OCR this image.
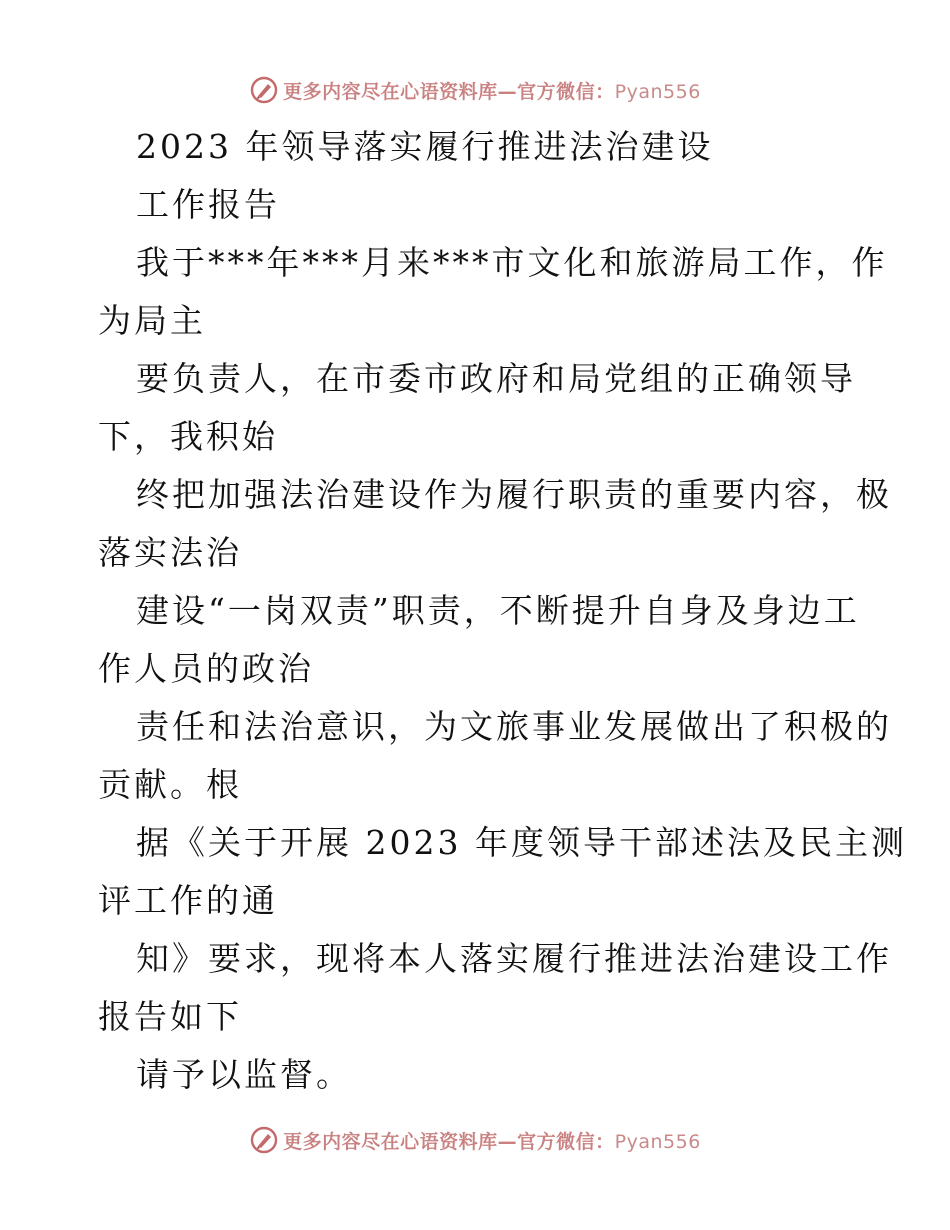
更多内容尽在心语资料库—官方微信：Pyan556
2023 年领导落实履行推进法治建设
工作报告
我于***年***月来***市文化和旅游局工作，作
为局主
要负责人，在市委市政府和局党组的正确领导
下，我积始
终把加强法治建设作为履行职责的重要内容，极
落实法治
建设“一岗双责”职责，不断提升自身及身边工
作人员的政治
责任和法治意识，为文旅事业发展做出了积极的
贡献。根
据《关于开展 2023 年度领导干部述法及民主测
评工作的通
知》要求，现将本人落实履行推进法治建设工作
报告如下
请予以监督。
更多内容尽在心语资料库—官方微信：Pyan556
